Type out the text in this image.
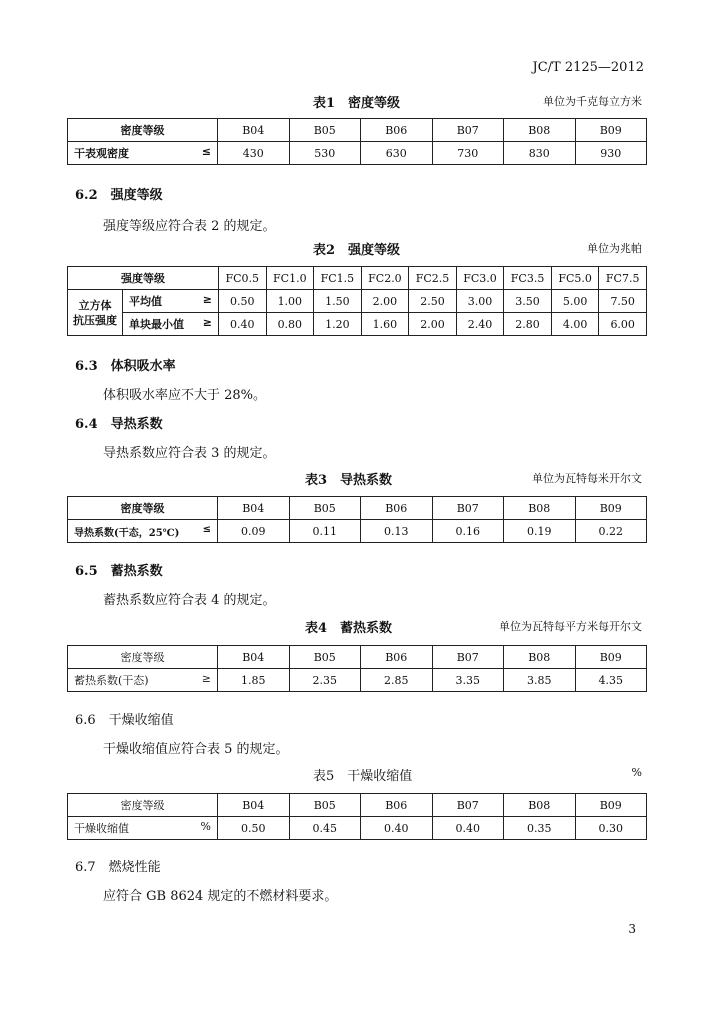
JC/T 2125—2012
表1　密度等级	单位为千克每立方米
密度等级	B04	B05	B06	B07	B08	B09
干表观密度 ≤	430	530	630	730	830	930
6.2　强度等级
强度等级应符合表 2 的规定。
表2　强度等级	单位为兆帕
强度等级		FC0.5	FC1.0	FC1.5	FC2.0	FC2.5	FC3.0	FC3.5	FC5.0	FC7.5
立方体
抗压强度	平均值 ≥	0.50	1.00	1.50	2.00	2.50	3.00	3.50	5.00	7.50
	单块最小值 ≥	0.40	0.80	1.20	1.60	2.00	2.40	2.80	4.00	6.00
6.3　体积吸水率
体积吸水率应不大于 28%。
6.4　导热系数
导热系数应符合表 3 的规定。
表3　导热系数	单位为瓦特每米开尔文
密度等级	B04	B05	B06	B07	B08	B09
导热系数(干态，25℃) ≤	0.09	0.11	0.13	0.16	0.19	0.22
6.5　蓄热系数
蓄热系数应符合表 4 的规定。
表4　蓄热系数	单位为瓦特每平方米每开尔文
密度等级	B04	B05	B06	B07	B08	B09
蓄热系数(干态) ≥	1.85	2.35	2.85	3.35	3.85	4.35
6.6　干燥收缩值
干燥收缩值应符合表 5 的规定。
表5　干燥收缩值	%
密度等级	B04	B05	B06	B07	B08	B09
干燥收缩值 %	0.50	0.45	0.40	0.40	0.35	0.30
6.7　燃烧性能
应符合 GB 8624 规定的不燃材料要求。
3
